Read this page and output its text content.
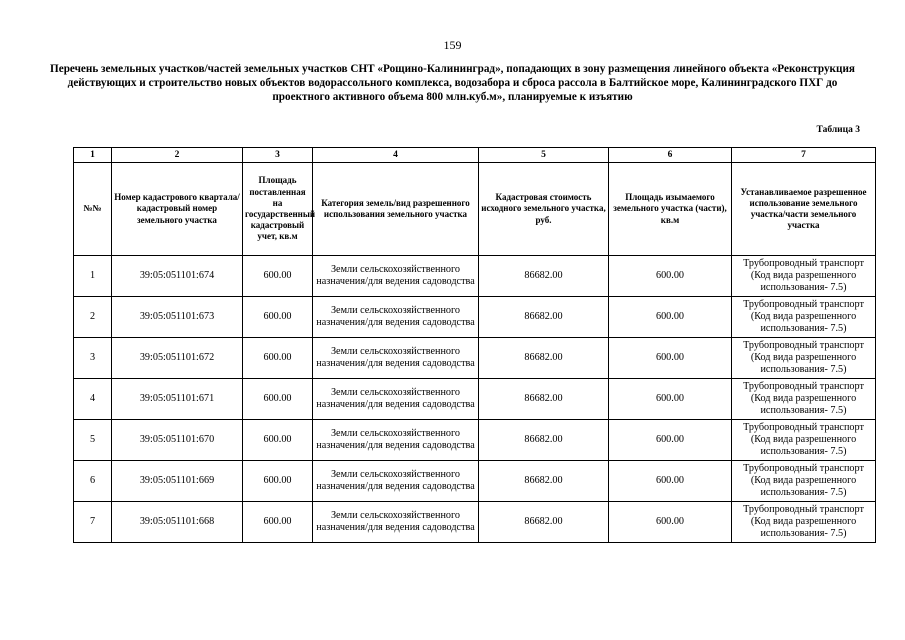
159
Перечень земельных участков/частей земельных участков СНТ «Рощино-Калининград», попадающих в зону размещения линейного объекта «Реконструкция действующих и строительство новых объектов водорассольного комплекса, водозабора и сброса рассола в Балтийское море, Калининградского ПХГ до проектного активного объема 800 млн.куб.м», планируемые к изъятию
Таблица 3
1	2	3	4	5	6	7
№№	Номер кадастрового квартала/ кадастровый номер земельного участка	Площадь поставленная на государственный кадастровый учет, кв.м	Категория земель/вид разрешенного использования земельного участка	Кадастровая стоимость исходного земельного участка, руб.	Площадь изымаемого земельного участка (части), кв.м	Устанавливаемое разрешенное использование земельного участка/части земельного участка
1	39:05:051101:674	600.00	Земли сельскохозяйственного назначения/для ведения садоводства	86682.00	600.00	Трубопроводный транспорт (Код вида разрешенного использования- 7.5)
2	39:05:051101:673	600.00	Земли сельскохозяйственного назначения/для ведения садоводства	86682.00	600.00	Трубопроводный транспорт (Код вида разрешенного использования- 7.5)
3	39:05:051101:672	600.00	Земли сельскохозяйственного назначения/для ведения садоводства	86682.00	600.00	Трубопроводный транспорт (Код вида разрешенного использования- 7.5)
4	39:05:051101:671	600.00	Земли сельскохозяйственного назначения/для ведения садоводства	86682.00	600.00	Трубопроводный транспорт (Код вида разрешенного использования- 7.5)
5	39:05:051101:670	600.00	Земли сельскохозяйственного назначения/для ведения садоводства	86682.00	600.00	Трубопроводный транспорт (Код вида разрешенного использования- 7.5)
6	39:05:051101:669	600.00	Земли сельскохозяйственного назначения/для ведения садоводства	86682.00	600.00	Трубопроводный транспорт (Код вида разрешенного использования- 7.5)
7	39:05:051101:668	600.00	Земли сельскохозяйственного назначения/для ведения садоводства	86682.00	600.00	Трубопроводный транспорт (Код вида разрешенного использования- 7.5)
